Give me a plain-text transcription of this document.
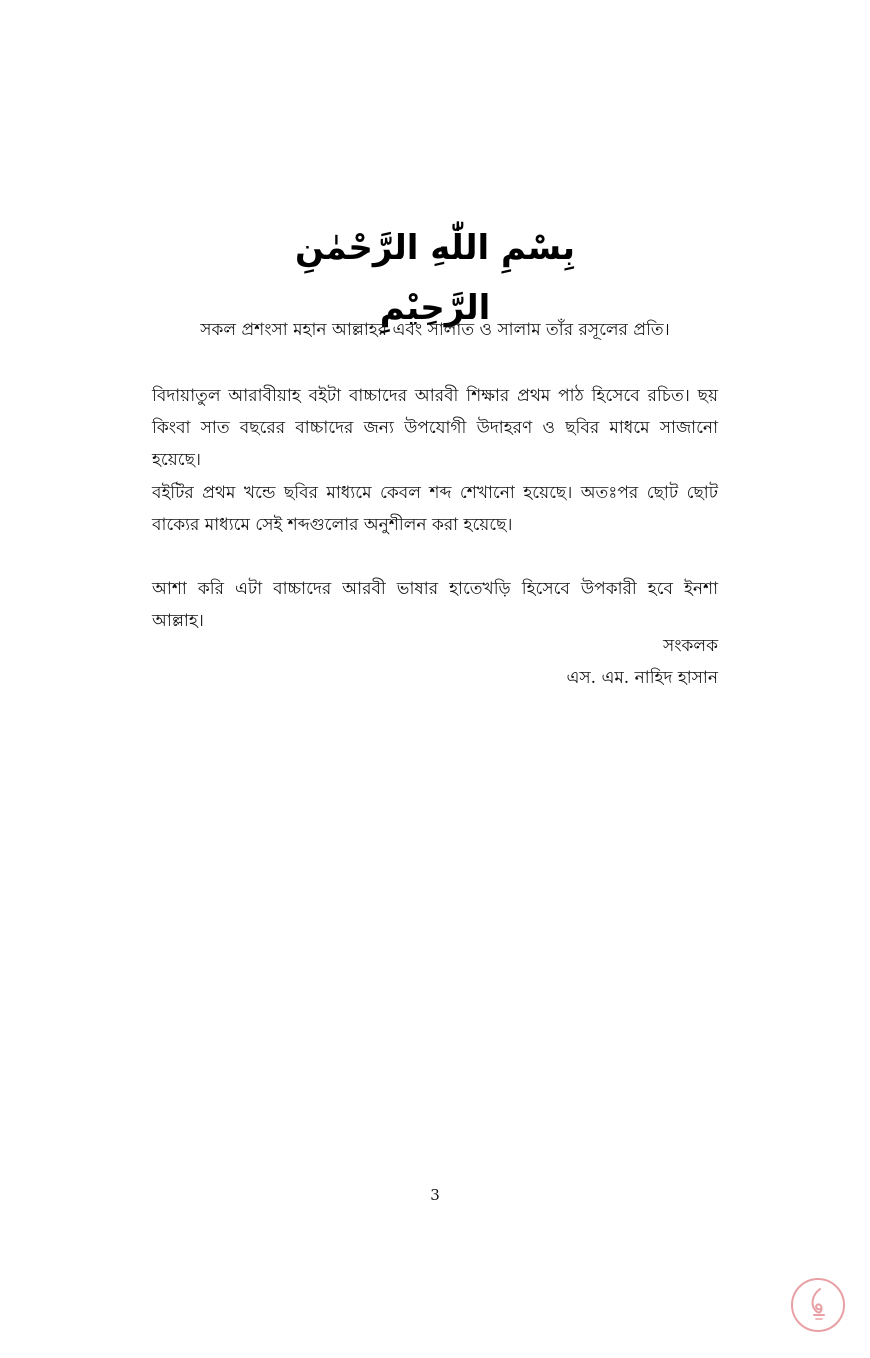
بِسْمِ اللّٰهِ الرَّحْمٰنِ الرَّحِيْمِ
সকল প্রশংসা মহান আল্লাহর এবং সালাত ও সালাম তাঁর রসূলের প্রতি।
বিদায়াতুল আরাবীয়াহ বইটা বাচ্চাদের আরবী শিক্ষার প্রথম পাঠ হিসেবে রচিত। ছয় কিংবা সাত বছরের বাচ্চাদের জন্য উপযোগী উদাহরণ ও ছবির মাধমে সাজানো হয়েছে।
বইটির প্রথম খন্ডে ছবির মাধ্যমে কেবল শব্দ শেখানো হয়েছে। অতঃপর ছোট ছোট বাক্যের মাধ্যমে সেই শব্দগুলোর অনুশীলন করা হয়েছে।
আশা করি এটা বাচ্চাদের আরবী ভাষার হাতেখড়ি হিসেবে উপকারী হবে ইনশা আল্লাহ।
সংকলক
এস. এম. নাহিদ হাসান
3
